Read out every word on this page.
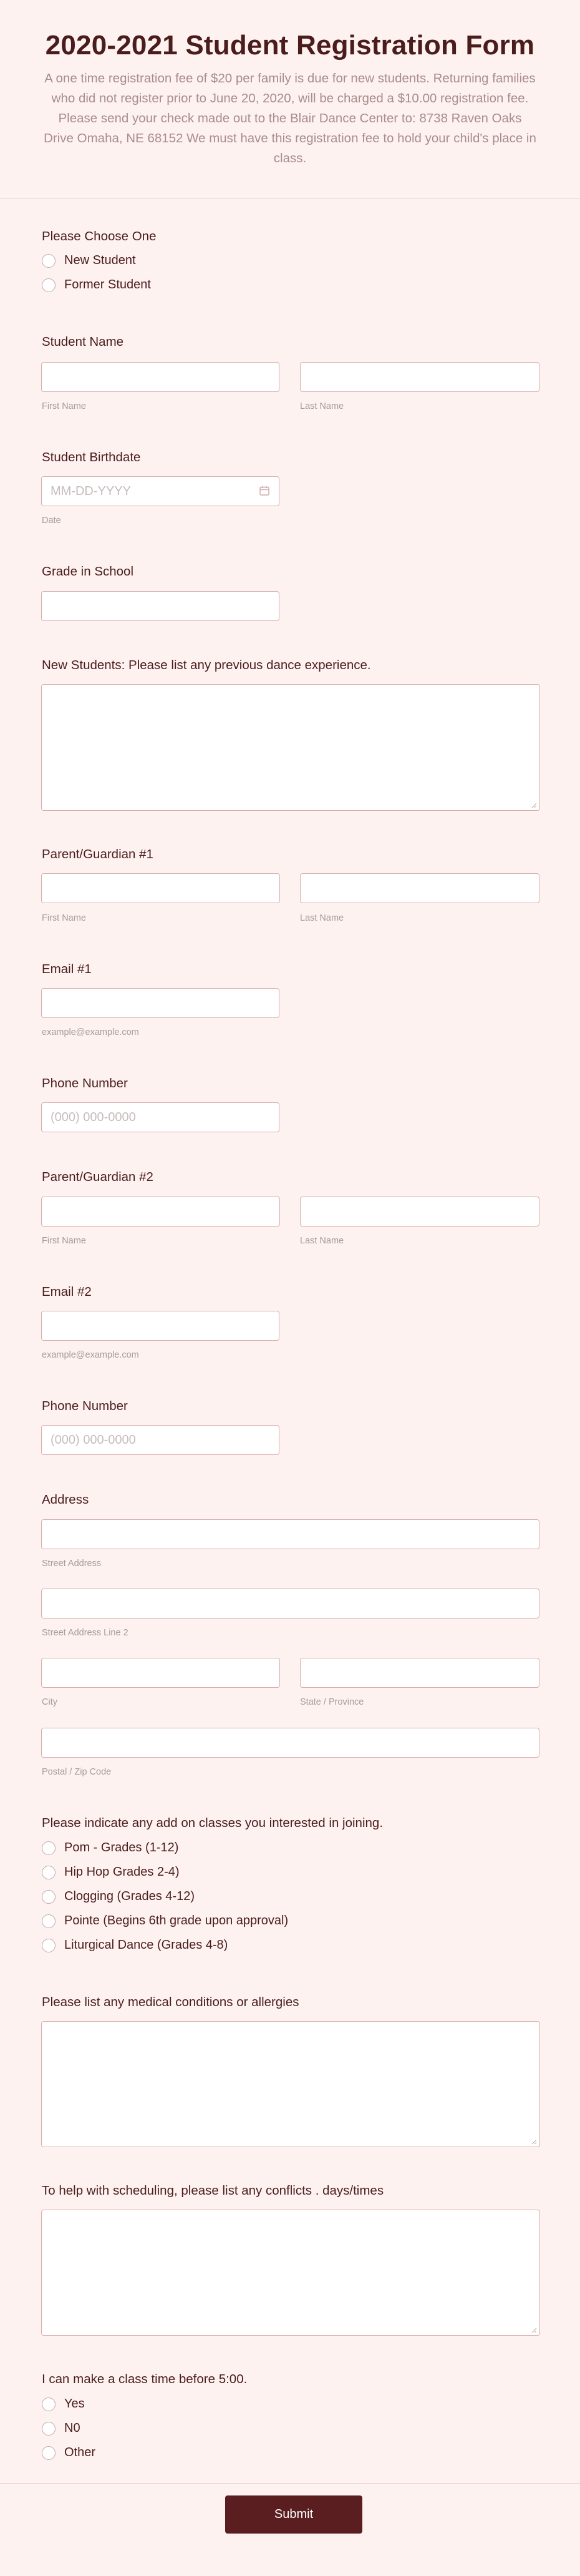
2020-2021 Student Registration Form

A one time registration fee of $20 per family is due for new students. Returning families who did not register prior to June 20, 2020, will be charged a $10.00 registration fee. Please send your check made out to the Blair Dance Center to: 8738 Raven Oaks Drive Omaha, NE 68152 We must have this registration fee to hold your child's place in class.

Please Choose One
New Student
Former Student
Student Name
First Name	Last Name
Student Birthdate
MM-DD-YYYY
Date
Grade in School
New Students: Please list any previous dance experience.
Parent/Guardian #1
First Name	Last Name
Email #1
example@example.com
Phone Number
(000) 000-0000
Parent/Guardian #2
First Name	Last Name
Email #2
example@example.com
Phone Number
(000) 000-0000
Address
Street Address
Street Address Line 2
City	State / Province
Postal / Zip Code
Please indicate any add on classes you interested in joining.
Pom - Grades (1-12)
Hip Hop Grades 2-4)
Clogging (Grades 4-12)
Pointe (Begins 6th grade upon approval)
Liturgical Dance (Grades 4-8)
Please list any medical conditions or allergies
To help with scheduling, please list any conflicts . days/times
I can make a class time before 5:00.
Yes
N0
Other
Submit
